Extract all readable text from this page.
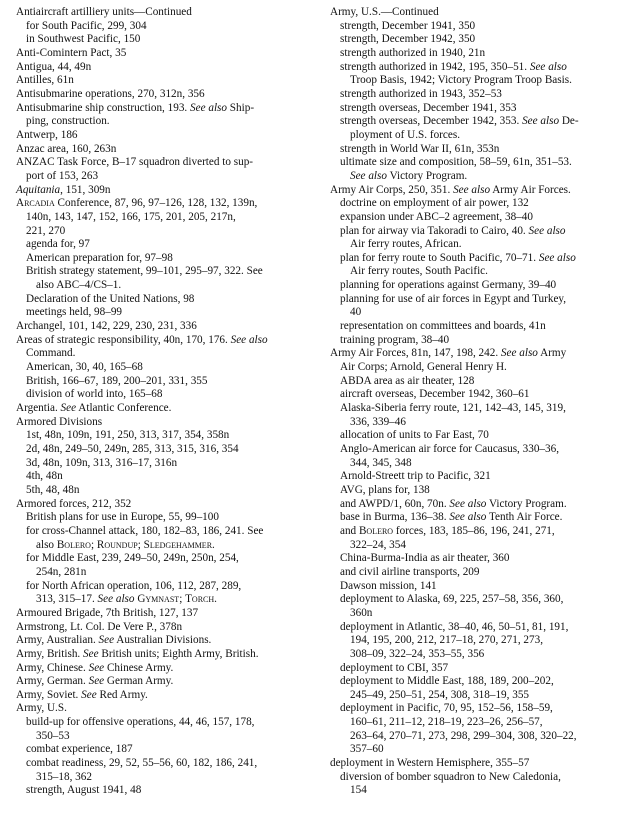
Antiaircraft artilliery units—Continued
for South Pacific, 299, 304
in Southwest Pacific, 150
Anti-Comintern Pact, 35
Antigua, 44, 49n
Antilles, 61n
Antisubmarine operations, 270, 312n, 356
Antisubmarine ship construction, 193. See also Ship-
ping, construction.
Antwerp, 186
Anzac area, 160, 263n
ANZAC Task Force, B–17 squadron diverted to sup-
port of 153, 263
Aquitania, 151, 309n
Arcadia Conference, 87, 96, 97–126, 128, 132, 139n,
140n, 143, 147, 152, 166, 175, 201, 205, 217n,
221, 270
agenda for, 97
American preparation for, 97–98
British strategy statement, 99–101, 295–97, 322. See
also ABC–4/CS–1.
Declaration of the United Nations, 98
meetings held, 98–99
Archangel, 101, 142, 229, 230, 231, 336
Areas of strategic responsibility, 40n, 170, 176. See also
Command.
American, 30, 40, 165–68
British, 166–67, 189, 200–201, 331, 355
division of world into, 165–68
Argentia. See Atlantic Conference.
Armored Divisions
1st, 48n, 109n, 191, 250, 313, 317, 354, 358n
2d, 48n, 249–50, 249n, 285, 313, 315, 316, 354
3d, 48n, 109n, 313, 316–17, 316n
4th, 48n
5th, 48, 48n
Armored forces, 212, 352
British plans for use in Europe, 55, 99–100
for cross-Channel attack, 180, 182–83, 186, 241. See
also Bolero; Roundup; Sledgehammer.
for Middle East, 239, 249–50, 249n, 250n, 254,
254n, 281n
for North African operation, 106, 112, 287, 289,
313, 315–17. See also Gymnast; Torch.
Armoured Brigade, 7th British, 127, 137
Armstrong, Lt. Col. De Vere P., 378n
Army, Australian. See Australian Divisions.
Army, British. See British units; Eighth Army, British.
Army, Chinese. See Chinese Army.
Army, German. See German Army.
Army, Soviet. See Red Army.
Army, U.S.
build-up for offensive operations, 44, 46, 157, 178,
350–53
combat experience, 187
combat readiness, 29, 52, 55–56, 60, 182, 186, 241,
315–18, 362
strength, August 1941, 48
Army, U.S.—Continued
strength, December 1941, 350
strength, December 1942, 350
strength authorized in 1940, 21n
strength authorized in 1942, 195, 350–51. See also
Troop Basis, 1942; Victory Program Troop Basis.
strength authorized in 1943, 352–53
strength overseas, December 1941, 353
strength overseas, December 1942, 353. See also De-
ployment of U.S. forces.
strength in World War II, 61n, 353n
ultimate size and composition, 58–59, 61n, 351–53.
See also Victory Program.
Army Air Corps, 250, 351. See also Army Air Forces.
doctrine on employment of air power, 132
expansion under ABC–2 agreement, 38–40
plan for airway via Takoradi to Cairo, 40. See also
Air ferry routes, African.
plan for ferry route to South Pacific, 70–71. See also
Air ferry routes, South Pacific.
planning for operations against Germany, 39–40
planning for use of air forces in Egypt and Turkey,
40
representation on committees and boards, 41n
training program, 38–40
Army Air Forces, 81n, 147, 198, 242. See also Army
Air Corps; Arnold, General Henry H.
ABDA area as air theater, 128
aircraft overseas, December 1942, 360–61
Alaska-Siberia ferry route, 121, 142–43, 145, 319,
336, 339–46
allocation of units to Far East, 70
Anglo-American air force for Caucasus, 330–36,
344, 345, 348
Arnold-Streett trip to Pacific, 321
AVG, plans for, 138
and AWPD/1, 60n, 70n. See also Victory Program.
base in Burma, 136–38. See also Tenth Air Force.
and Bolero forces, 183, 185–86, 196, 241, 271,
322–24, 354
China-Burma-India as air theater, 360
and civil airline transports, 209
Dawson mission, 141
deployment to Alaska, 69, 225, 257–58, 356, 360,
360n
deployment in Atlantic, 38–40, 46, 50–51, 81, 191,
194, 195, 200, 212, 217–18, 270, 271, 273,
308–09, 322–24, 353–55, 356
deployment to CBI, 357
deployment to Middle East, 188, 189, 200–202,
245–49, 250–51, 254, 308, 318–19, 355
deployment in Pacific, 70, 95, 152–56, 158–59,
160–61, 211–12, 218–19, 223–26, 256–57,
263–64, 270–71, 273, 298, 299–304, 308, 320–22,
357–60
deployment in Western Hemisphere, 355–57
diversion of bomber squadron to New Caledonia,
154
